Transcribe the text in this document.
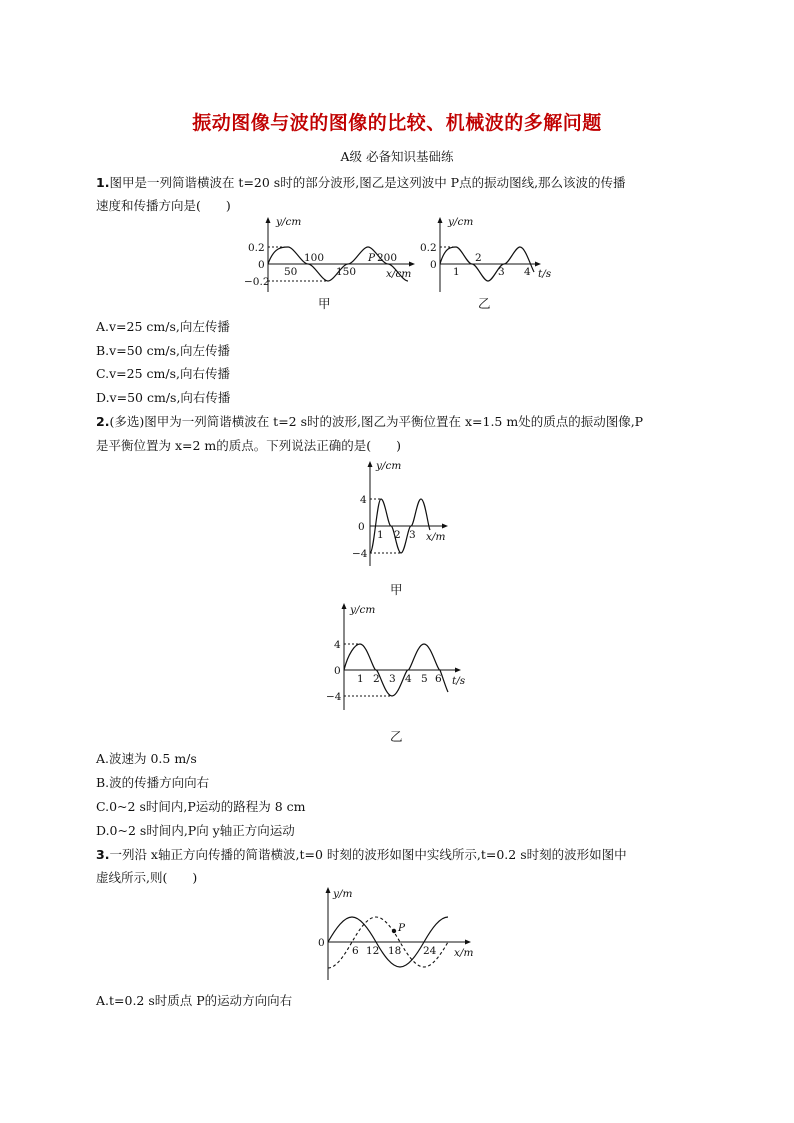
振动图像与波的图像的比较、机械波的多解问题
A级 必备知识基础练
1.图甲是一列简谐横波在 t=20 s时的部分波形,图乙是这列波中 P点的振动图线,那么该波的传播
速度和传播方向是(　　)
y/cm
0.2
0
−0.2
50
100
150
P 200
x/cm
甲
y/cm
0.2
0
1
2
3 4 t/s
乙
A.v=25 cm/s,向左传播
B.v=50 cm/s,向左传播
C.v=25 cm/s,向右传播
D.v=50 cm/s,向右传播
2.(多选)图甲为一列简谐横波在 t=2 s时的波形,图乙为平衡位置在 x=1.5 m处的质点的振动图像,P
是平衡位置为 x=2 m的质点。下列说法正确的是(　　)
y/cm
4
0
−4
1 2 3 x/m
甲
y/cm
4
0
−4
1 2 3 4 5 6 t/s
乙
A.波速为 0.5 m/s
B.波的传播方向向右
C.0~2 s时间内,P运动的路程为 8 cm
D.0~2 s时间内,P向 y轴正方向运动
3.一列沿 x轴正方向传播的简谐横波,t=0 时刻的波形如图中实线所示,t=0.2 s时刻的波形如图中
虚线所示,则(　　)
P
y/m
0
6 12 18 24 x/m
A.t=0.2 s时质点 P的运动方向向右
